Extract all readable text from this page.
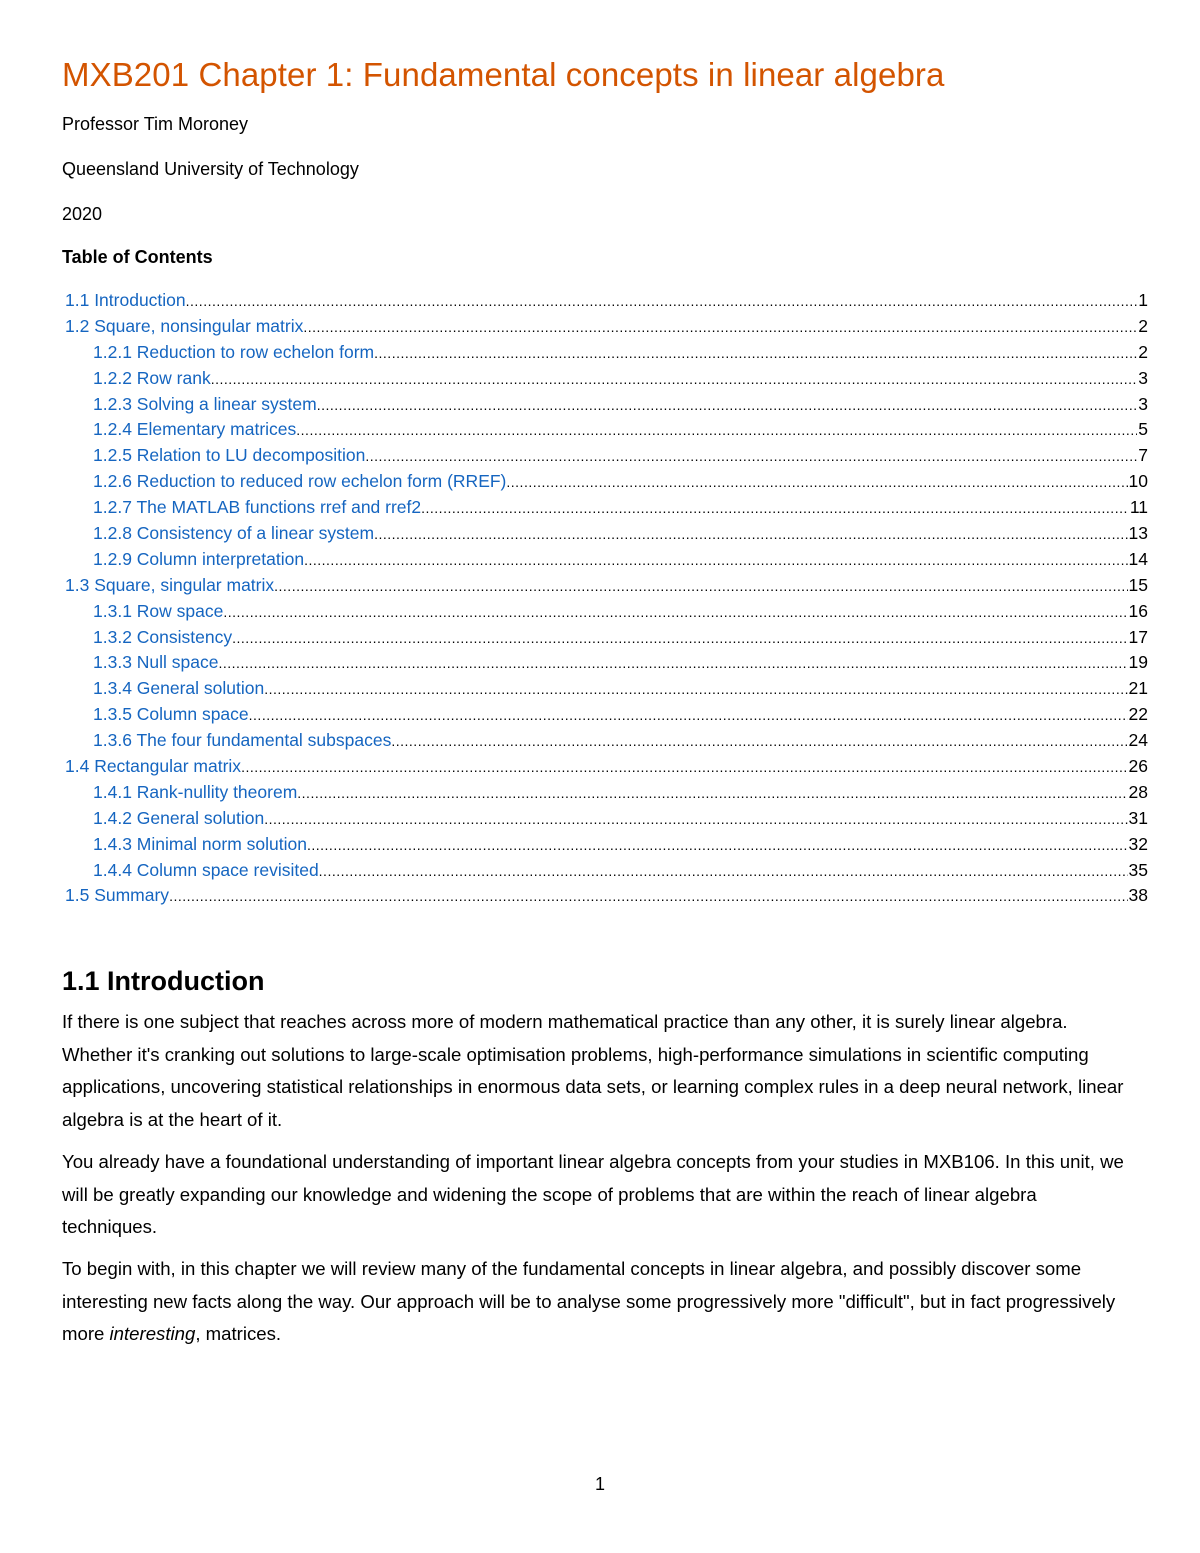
MXB201 Chapter 1: Fundamental concepts in linear algebra

Professor Tim Moroney

Queensland University of Technology

2020

Table of Contents
1.1 Introduction .....	1
1.2 Square, nonsingular matrix .....	2
1.2.1 Reduction to row echelon form .....	2
1.2.2 Row rank .....	3
1.2.3 Solving a linear system .....	3
1.2.4 Elementary matrices .....	5
1.2.5 Relation to LU decomposition .....	7
1.2.6 Reduction to reduced row echelon form (RREF) .....	10
1.2.7 The MATLAB functions rref and rref2 .....	11
1.2.8 Consistency of a linear system .....	13
1.2.9 Column interpretation .....	14
1.3 Square, singular matrix .....	15
1.3.1 Row space .....	16
1.3.2 Consistency .....	17
1.3.3 Null space .....	19
1.3.4 General solution .....	21
1.3.5 Column space .....	22
1.3.6 The four fundamental subspaces .....	24
1.4 Rectangular matrix .....	26
1.4.1 Rank-nullity theorem .....	28
1.4.2 General solution .....	31
1.4.3 Minimal norm solution .....	32
1.4.4 Column space revisited .....	35
1.5 Summary .....	38
1.1 Introduction

If there is one subject that reaches across more of modern mathematical practice than any other, it is surely linear algebra. Whether it's cranking out solutions to large-scale optimisation problems, high-performance simulations in scientific computing applications, uncovering statistical relationships in enormous data sets, or learning complex rules in a deep neural network, linear algebra is at the heart of it.

You already have a foundational understanding of important linear algebra concepts from your studies in MXB106. In this unit, we will be greatly expanding our knowledge and widening the scope of problems that are within the reach of linear algebra techniques.

To begin with, in this chapter we will review many of the fundamental concepts in linear algebra, and possibly discover some interesting new facts along the way. Our approach will be to analyse some progressively more "difficult", but in fact progressively more interesting, matrices.

1
